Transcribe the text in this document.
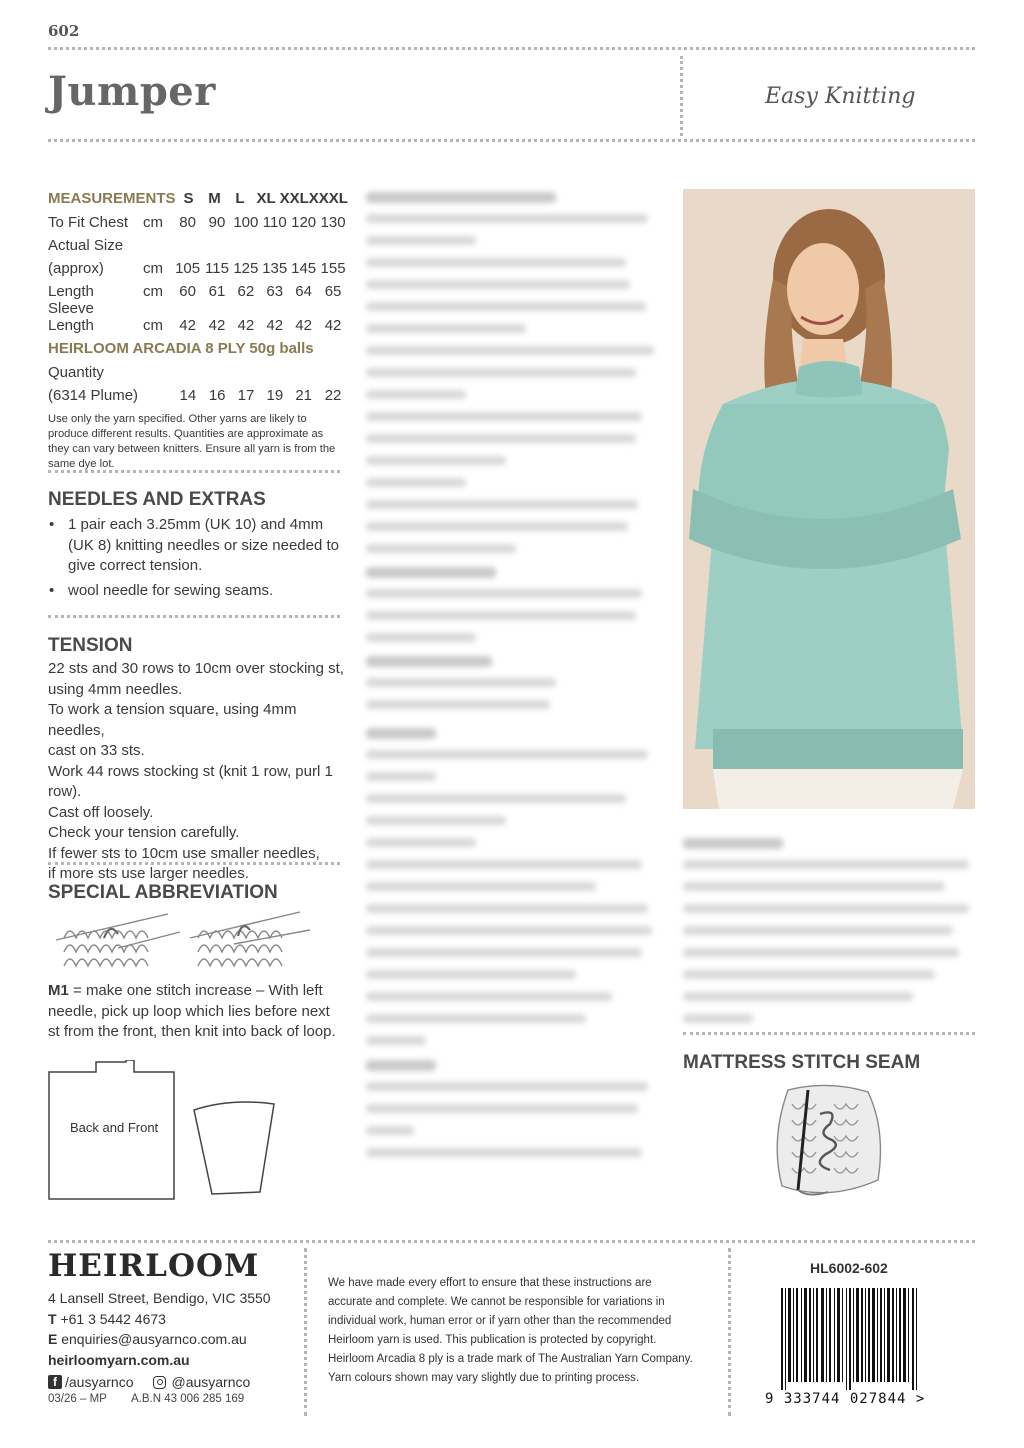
602
Jumper	Easy Knitting
MEASUREMENTS		S	M	L	XL	XXL	XXXL
To Fit Chest	cm	80	90	100	110	120	130
Actual Size							
(approx)	cm	105	115	125	135	145	155
Length	cm	60	61	62	63	64	65
Sleeve Length	cm	42	42	42	42	42	42
HEIRLOOM ARCADIA 8 PLY 50g balls
Quantity
(6314 Plume)		14	16	17	19	21	22
Use only the yarn specified. Other yarns are likely to produce different results. Quantities are approximate as they can vary between knitters. Ensure all yarn is from the same dye lot.
NEEDLES AND EXTRAS
• 1 pair each 3.25mm (UK 10) and 4mm (UK 8) knitting needles or size needed to give correct tension.
• wool needle for sewing seams.
TENSION
22 sts and 30 rows to 10cm over stocking st,
using 4mm needles.
To work a tension square, using 4mm needles,
cast on 33 sts.
Work 44 rows stocking st (knit 1 row, purl 1 row).
Cast off loosely.
Check your tension carefully.
If fewer sts to 10cm use smaller needles,
if more sts use larger needles.
SPECIAL ABBREVIATION
M1 = make one stitch increase – With left needle, pick up loop which lies before next st from the front, then knit into back of loop.
Back and Front
MATTRESS STITCH SEAM
HEIRLOOM
4 Lansell Street, Bendigo, VIC 3550
T +61 3 5442 4673
E enquiries@ausyarnco.com.au
heirloomyarn.com.au
f /ausyarnco	@ausyarnco
03/26 – MP A.B.N 43 006 285 169
We have made every effort to ensure that these instructions are accurate and complete. We cannot be responsible for variations in individual work, human error or if yarn other than the recommended Heirloom yarn is used. This publication is protected by copyright. Heirloom Arcadia 8 ply is a trade mark of The Australian Yarn Company. Yarn colours shown may vary slightly due to printing process.
HL6002-602
9 333744 027844 >
